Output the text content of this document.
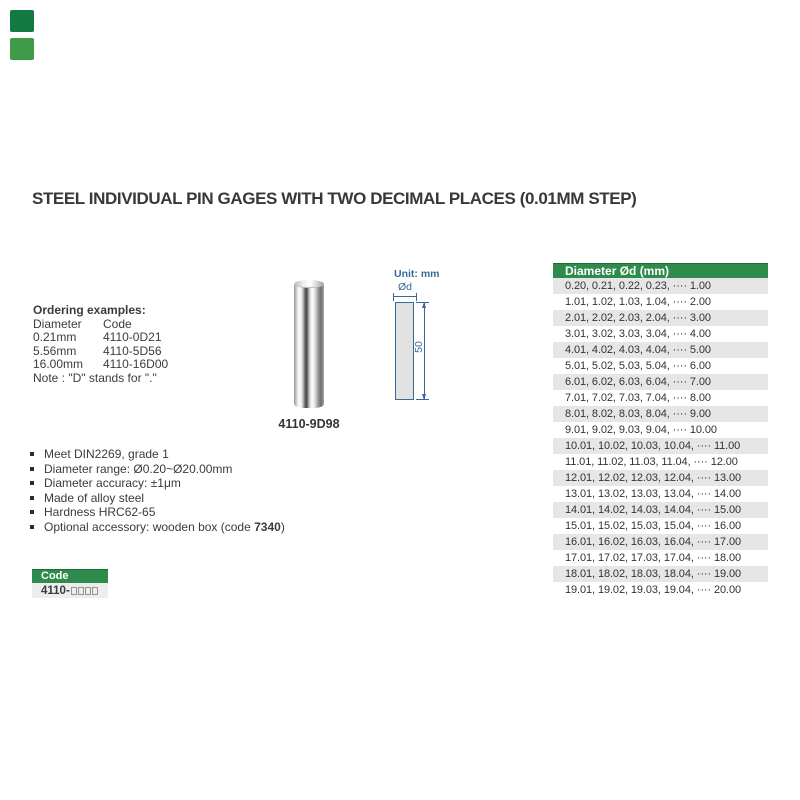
STEEL INDIVIDUAL PIN GAGES WITH TWO DECIMAL PLACES (0.01MM STEP)
Ordering examples:
Diameter	Code
0.21mm	4110-0D21
5.56mm	4110-5D56
16.00mm	4110-16D00
Note : "D" stands for "."
4110-9D98
Unit: mm
Ød
50
Meet DIN2269, grade 1
Diameter range: Ø0.20~Ø20.00mm
Diameter accuracy: ±1μm
Made of alloy steel
Hardness HRC62-65
Optional accessory: wooden box (code 7340)
Code
4110-
Diameter Ød (mm)
0.20, 0.21, 0.22, 0.23, ···· 1.00
1.01, 1.02, 1.03, 1.04, ···· 2.00
2.01, 2.02, 2.03, 2.04, ···· 3.00
3.01, 3.02, 3.03, 3.04, ···· 4.00
4.01, 4.02, 4.03, 4.04, ···· 5.00
5.01, 5.02, 5.03, 5.04, ···· 6.00
6.01, 6.02, 6.03, 6.04, ···· 7.00
7.01, 7.02, 7.03, 7.04, ···· 8.00
8.01, 8.02, 8.03, 8.04, ···· 9.00
9.01, 9.02, 9.03, 9.04, ···· 10.00
10.01, 10.02, 10.03, 10.04, ···· 11.00
11.01, 11.02, 11.03, 11.04, ···· 12.00
12.01, 12.02, 12.03, 12.04, ···· 13.00
13.01, 13.02, 13.03, 13.04, ···· 14.00
14.01, 14.02, 14.03, 14.04, ···· 15.00
15.01, 15.02, 15.03, 15.04, ···· 16.00
16.01, 16.02, 16.03, 16.04, ···· 17.00
17.01, 17.02, 17.03, 17.04, ···· 18.00
18.01, 18.02, 18.03, 18.04, ···· 19.00
19.01, 19.02, 19.03, 19.04, ···· 20.00
